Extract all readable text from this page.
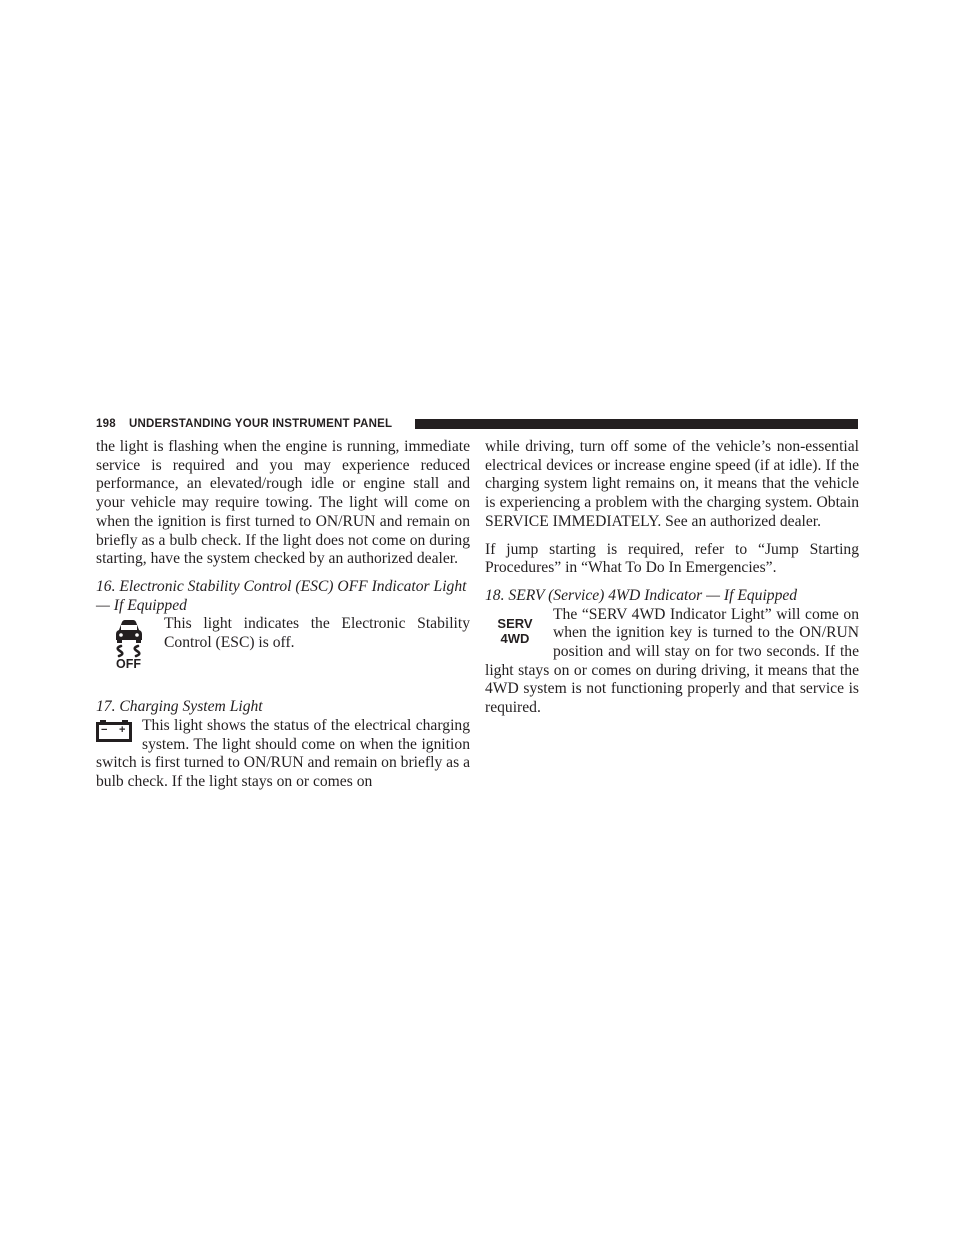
198 UNDERSTANDING YOUR INSTRUMENT PANEL

the light is flashing when the engine is running, immediate service is required and you may experience reduced performance, an elevated/rough idle or engine stall and your vehicle may require towing. The light will come on when the ignition is first turned to ON/RUN and remain on briefly as a bulb check. If the light does not come on during starting, have the system checked by an authorized dealer.

16. Electronic Stability Control (ESC) OFF Indicator Light — If Equipped
OFF

This light indicates the Electronic Stability Control (ESC) is off.

17. Charging System Light
− +	This light shows the status of the electrical charging system. The light should come on when the ignition switch is first turned to ON/RUN and remain on briefly as a bulb check. If the light stays on or comes on

while driving, turn off some of the vehicle’s non-essential electrical devices or increase engine speed (if at idle). If the charging system light remains on, it means that the vehicle is experiencing a problem with the charging system. Obtain SERVICE IMMEDIATELY. See an authorized dealer.

If jump starting is required, refer to “Jump Starting Procedures” in “What To Do In Emergencies”.

18. SERV (Service) 4WD Indicator — If Equipped
SERV
4WD

The “SERV 4WD Indicator Light” will come on when the ignition key is turned to the ON/RUN position and will stay on for two seconds. If the light stays on or comes on during driving, it means that the 4WD system is not functioning properly and that service is required.
